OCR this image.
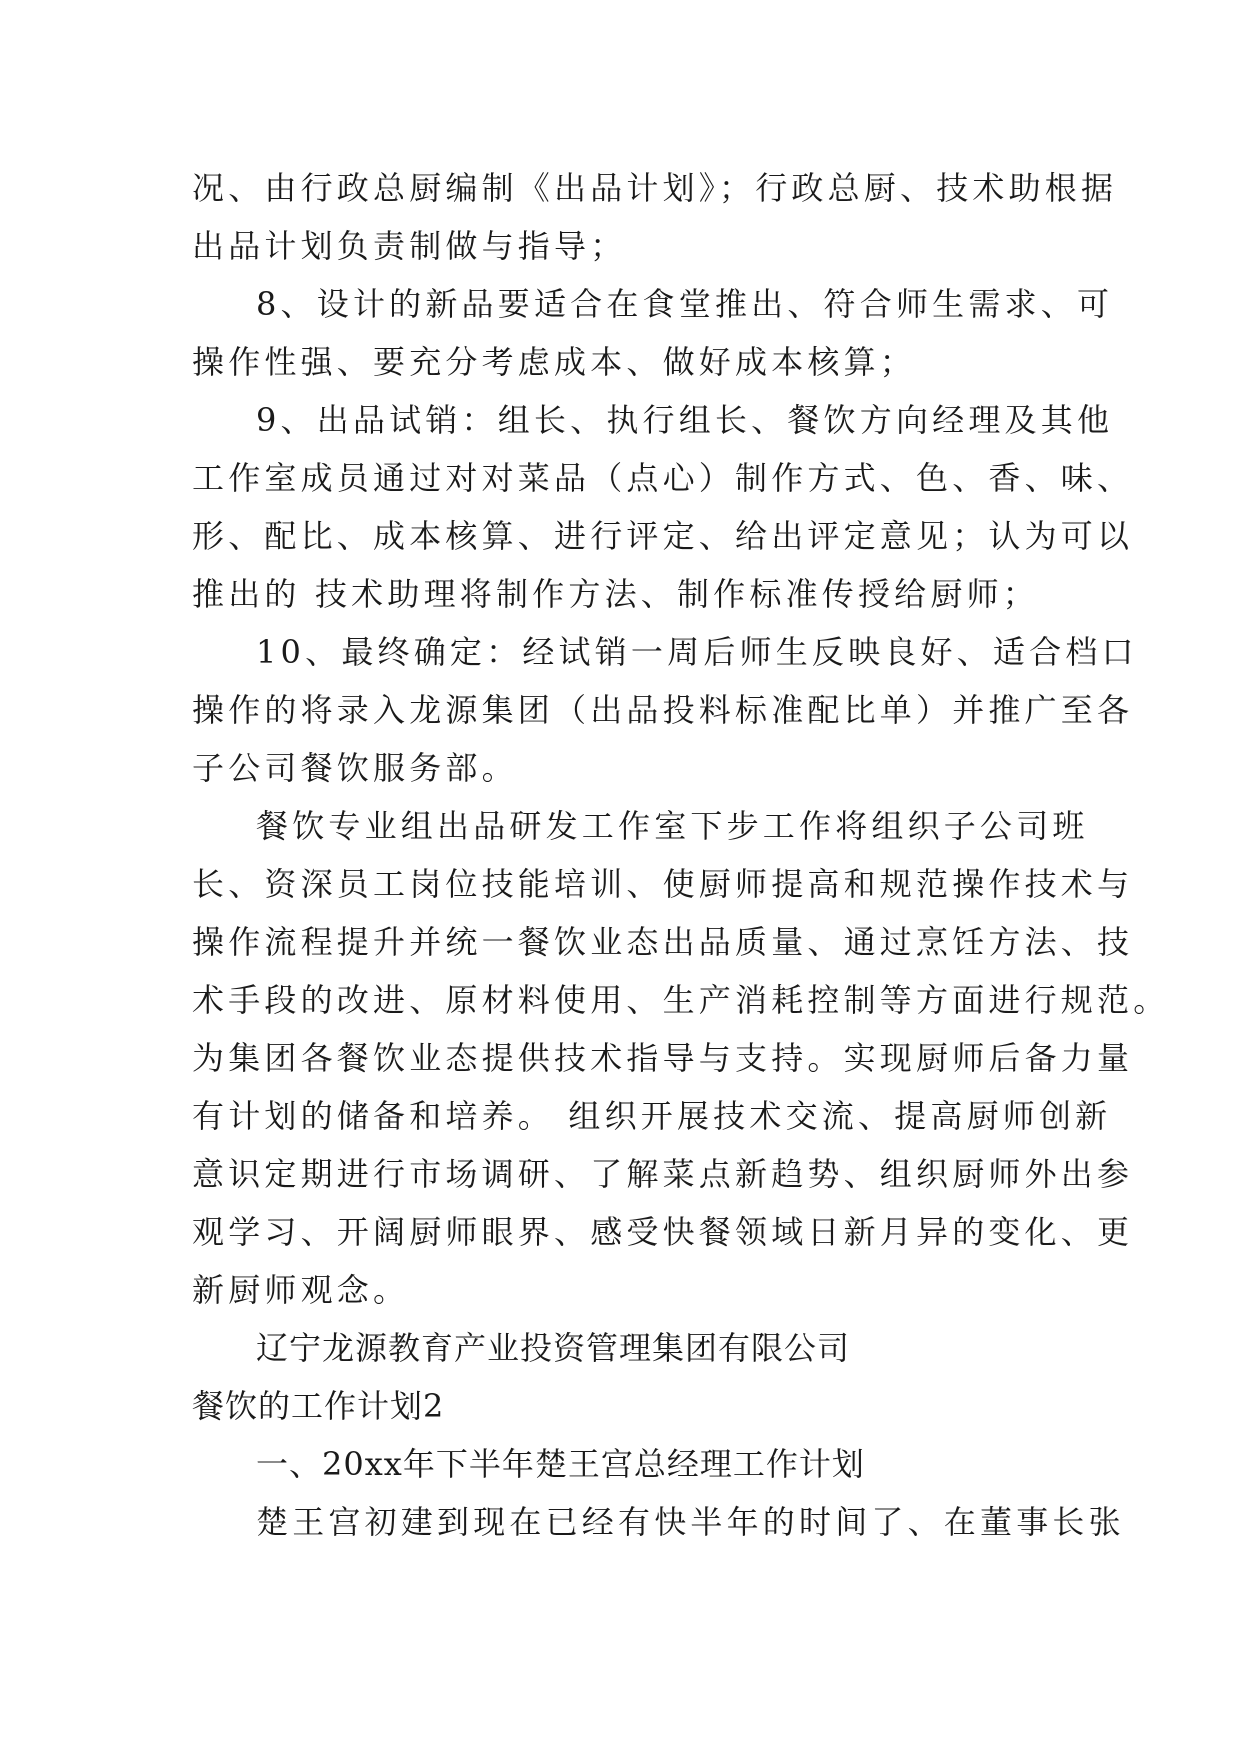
况、由行政总厨编制《出品计划》；行政总厨、技术助根据

出品计划负责制做与指导；

8、设计的新品要适合在食堂推出、符合师生需求、可

操作性强、要充分考虑成本、做好成本核算；

9、出品试销：组长、执行组长、餐饮方向经理及其他

工作室成员通过对对菜品（点心）制作方式、色、香、味、

形、配比、成本核算、进行评定、给出评定意见；认为可以

推出的 技术助理将制作方法、制作标准传授给厨师；

10、最终确定：经试销一周后师生反映良好、适合档口

操作的将录入龙源集团（出品投料标准配比单）并推广至各

子公司餐饮服务部。

餐饮专业组出品研发工作室下步工作将组织子公司班

长、资深员工岗位技能培训、使厨师提高和规范操作技术与

操作流程提升并统一餐饮业态出品质量、通过烹饪方法、技

术手段的改进、原材料使用、生产消耗控制等方面进行规范。

为集团各餐饮业态提供技术指导与支持。实现厨师后备力量

有计划的储备和培养。 组织开展技术交流、提高厨师创新

意识定期进行市场调研、了解菜点新趋势、组织厨师外出参

观学习、开阔厨师眼界、感受快餐领域日新月异的变化、更

新厨师观念。

辽宁龙源教育产业投资管理集团有限公司

餐饮的工作计划2

一、20xx年下半年楚王宫总经理工作计划

楚王宫初建到现在已经有快半年的时间了、在董事长张
